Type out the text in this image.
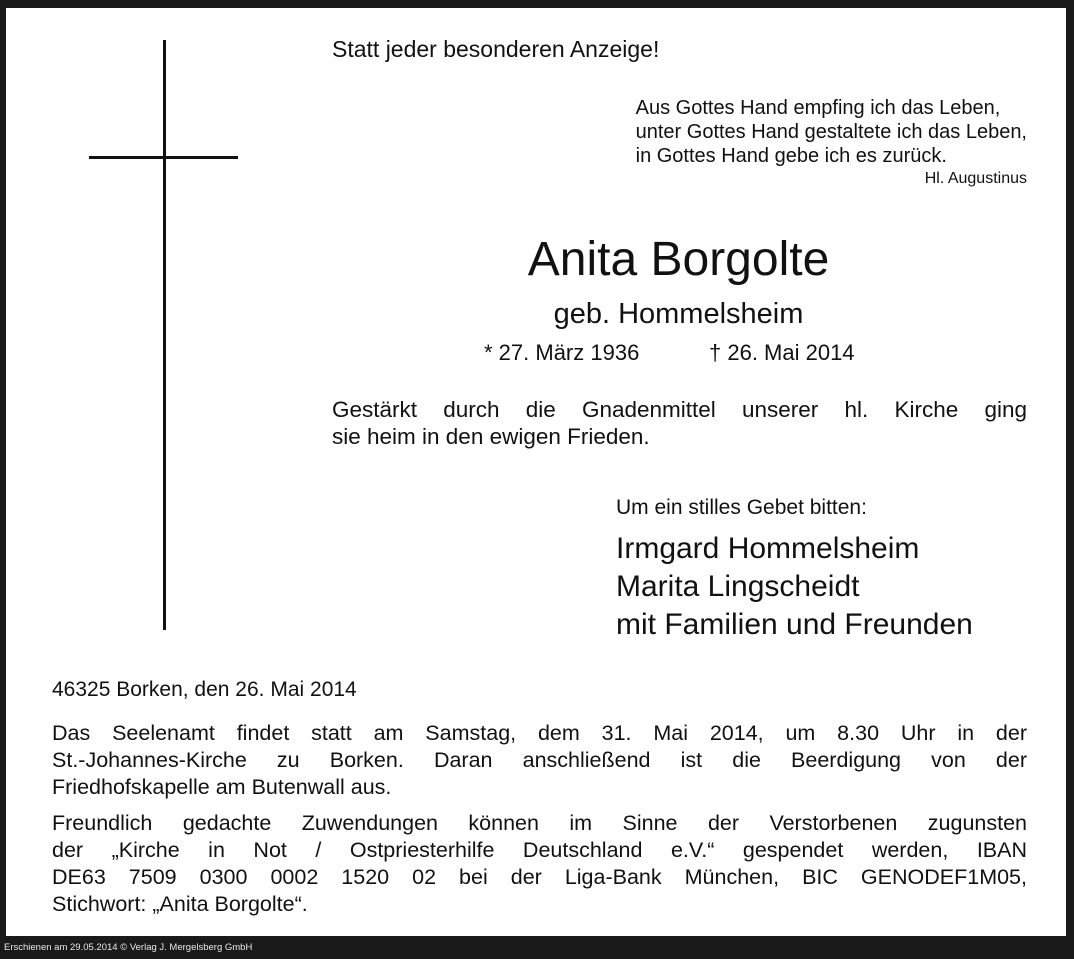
Statt jeder besonderen Anzeige!
Aus Gottes Hand empfing ich das Leben,
unter Gottes Hand gestaltete ich das Leben,
in Gottes Hand gebe ich es zurück.
Hl. Augustinus
Anita Borgolte
geb. Hommelsheim
* 27. März 1936	† 26. Mai 2014
Gestärkt durch die Gnadenmittel unserer hl. Kirche ging
sie heim in den ewigen Frieden.
Um ein stilles Gebet bitten:
Irmgard Hommelsheim
Marita Lingscheidt
mit Familien und Freunden
46325 Borken, den 26. Mai 2014
Das Seelenamt findet statt am Samstag, dem 31. Mai 2014, um 8.30 Uhr in der
St.-Johannes-Kirche zu Borken. Daran anschließend ist die Beerdigung von der
Friedhofskapelle am Butenwall aus.
Freundlich gedachte Zuwendungen können im Sinne der Verstorbenen zugunsten
der „Kirche in Not / Ostpriesterhilfe Deutschland e.V.“ gespendet werden, IBAN
DE63 7509 0300 0002 1520 02 bei der Liga-Bank München, BIC GENODEF1M05,
Stichwort: „Anita Borgolte“.
Erschienen am 29.05.2014 © Verlag J. Mergelsberg GmbH
